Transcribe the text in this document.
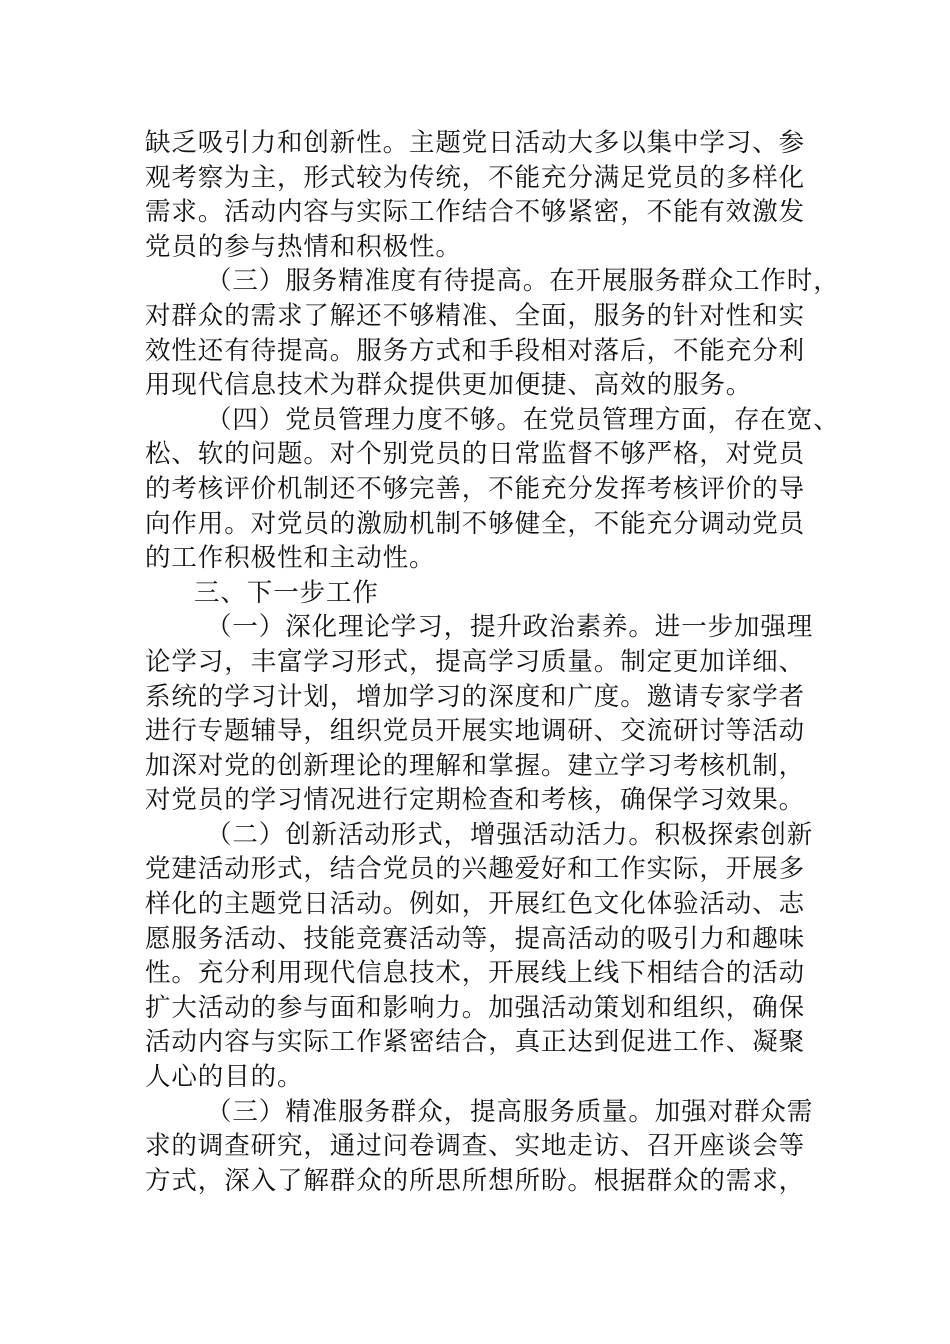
缺乏吸引力和创新性。主题党日活动大多以集中学习、参
观考察为主，形式较为传统，不能充分满足党员的多样化
需求。活动内容与实际工作结合不够紧密，不能有效激发
党员的参与热情和积极性。
（三）服务精准度有待提高。在开展服务群众工作时，
对群众的需求了解还不够精准、全面，服务的针对性和实
效性还有待提高。服务方式和手段相对落后，不能充分利
用现代信息技术为群众提供更加便捷、高效的服务。
（四）党员管理力度不够。在党员管理方面，存在宽、
松、软的问题。对个别党员的日常监督不够严格，对党员
的考核评价机制还不够完善，不能充分发挥考核评价的导
向作用。对党员的激励机制不够健全，不能充分调动党员
的工作积极性和主动性。
三、下一步工作
（一）深化理论学习，提升政治素养。进一步加强理
论学习，丰富学习形式，提高学习质量。制定更加详细、
系统的学习计划，增加学习的深度和广度。邀请专家学者
进行专题辅导，组织党员开展实地调研、交流研讨等活动
加深对党的创新理论的理解和掌握。建立学习考核机制，
对党员的学习情况进行定期检查和考核，确保学习效果。
（二）创新活动形式，增强活动活力。积极探索创新
党建活动形式，结合党员的兴趣爱好和工作实际，开展多
样化的主题党日活动。例如，开展红色文化体验活动、志
愿服务活动、技能竞赛活动等，提高活动的吸引力和趣味
性。充分利用现代信息技术，开展线上线下相结合的活动
扩大活动的参与面和影响力。加强活动策划和组织，确保
活动内容与实际工作紧密结合，真正达到促进工作、凝聚
人心的目的。
（三）精准服务群众，提高服务质量。加强对群众需
求的调查研究，通过问卷调查、实地走访、召开座谈会等
方式，深入了解群众的所思所想所盼。根据群众的需求，
